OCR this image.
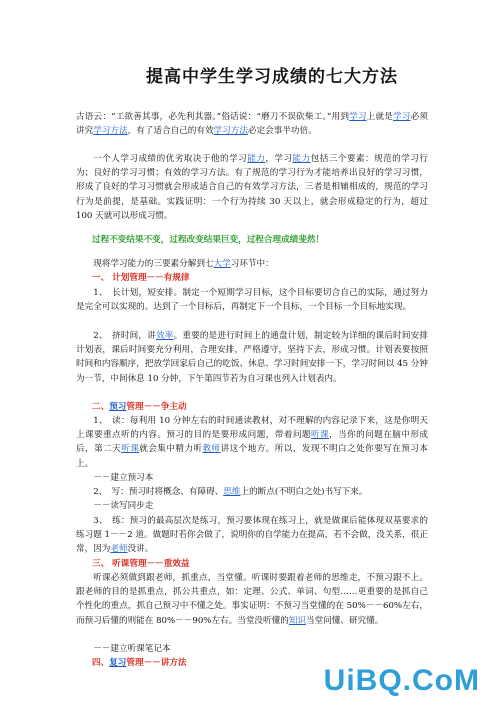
提高中学生学习成绩的七大方法

古语云：“工欲善其事，必先利其器。”俗话说：“磨刀不误砍柴工。”用到学习上就是学习必须讲究学习方法，有了适合自己的有效学习方法必定会事半功倍。

一个人学习成绩的优劣取决于他的学习能力，学习能力包括三个要素：规范的学习行为；良好的学习习惯；有效的学习方法。有了规范的学习行为才能培养出良好的学习习惯，形成了良好的学习习惯就会形成适合自己的有效学习方法，三者是相辅相成的，规范的学习行为是前提，是基础。实践证明：一个行为持续 30 天以上，就会形成稳定的行为，超过 100 天就可以形成习惯。

过程不变结果不变，过程改变结果巨变，过程合理成绩斐然！

现将学习能力的三要素分解到七大学习环节中：

一、 计划管理－－有规律

1、　长计划，短安排。制定一个短期学习目标，这个目标要切合自己的实际，通过努力是完全可以实现的。达到了一个目标后，再制定下一个目标，一个目标一个目标地实现。

2、　挤时间，讲效率。重要的是进行时间上的通盘计划，制定较为详细的课后时间安排计划表，课后时间要充分利用，合理安排，严格遵守，坚持下去，形成习惯。计划表要按照时间和内容顺序，把放学回家后自己的吃饭、休息、学习时间安排一下，学习时间以 45 分钟为一节，中间休息 10 分钟，下午第四节若为自习课也列入计划表内。

二、预习管理－－争主动

1、　读：每利用 10 分钟左右的时间通读教材，对不理解的内容记录下来，这是你明天上课要重点听的内容。预习的目的是要形成问题，带着问题听课，当你的问题在脑中形成后，第二天听课就会集中精力听教师讲这个地方。所以，发现不明白之处你要写在预习本上。

－－建立预习本

2、　写：预习时将概念、有障碍、思维上的断点(不明白之处)书写下来。

－－读写同步走

3、　练：预习的最高层次是练习，预习要体现在练习上，就是做课后能体现双基要求的练习题 1－－2 道。做题时若你会做了，说明你的自学能力在提高，若不会做，没关系，很正常，因为老师没讲。

三、 听课管理－－重效益

听课必须做到跟老师，抓重点，当堂懂。听课时要跟着老师的思维走，不预习跟不上。跟老师的目的是抓重点，抓公共重点，如：定理、公式、单词、句型……更重要的是抓自己个性化的重点，抓自己预习中不懂之处。事实证明：不预习当堂懂的在 50%－－60%左右，而预习后懂的则能在 80%－－90%左右。当堂没听懂的知识当堂问懂、研究懂。

－－建立听课笔记本

四、复习管理－－讲方法
UiBQ.CoM
